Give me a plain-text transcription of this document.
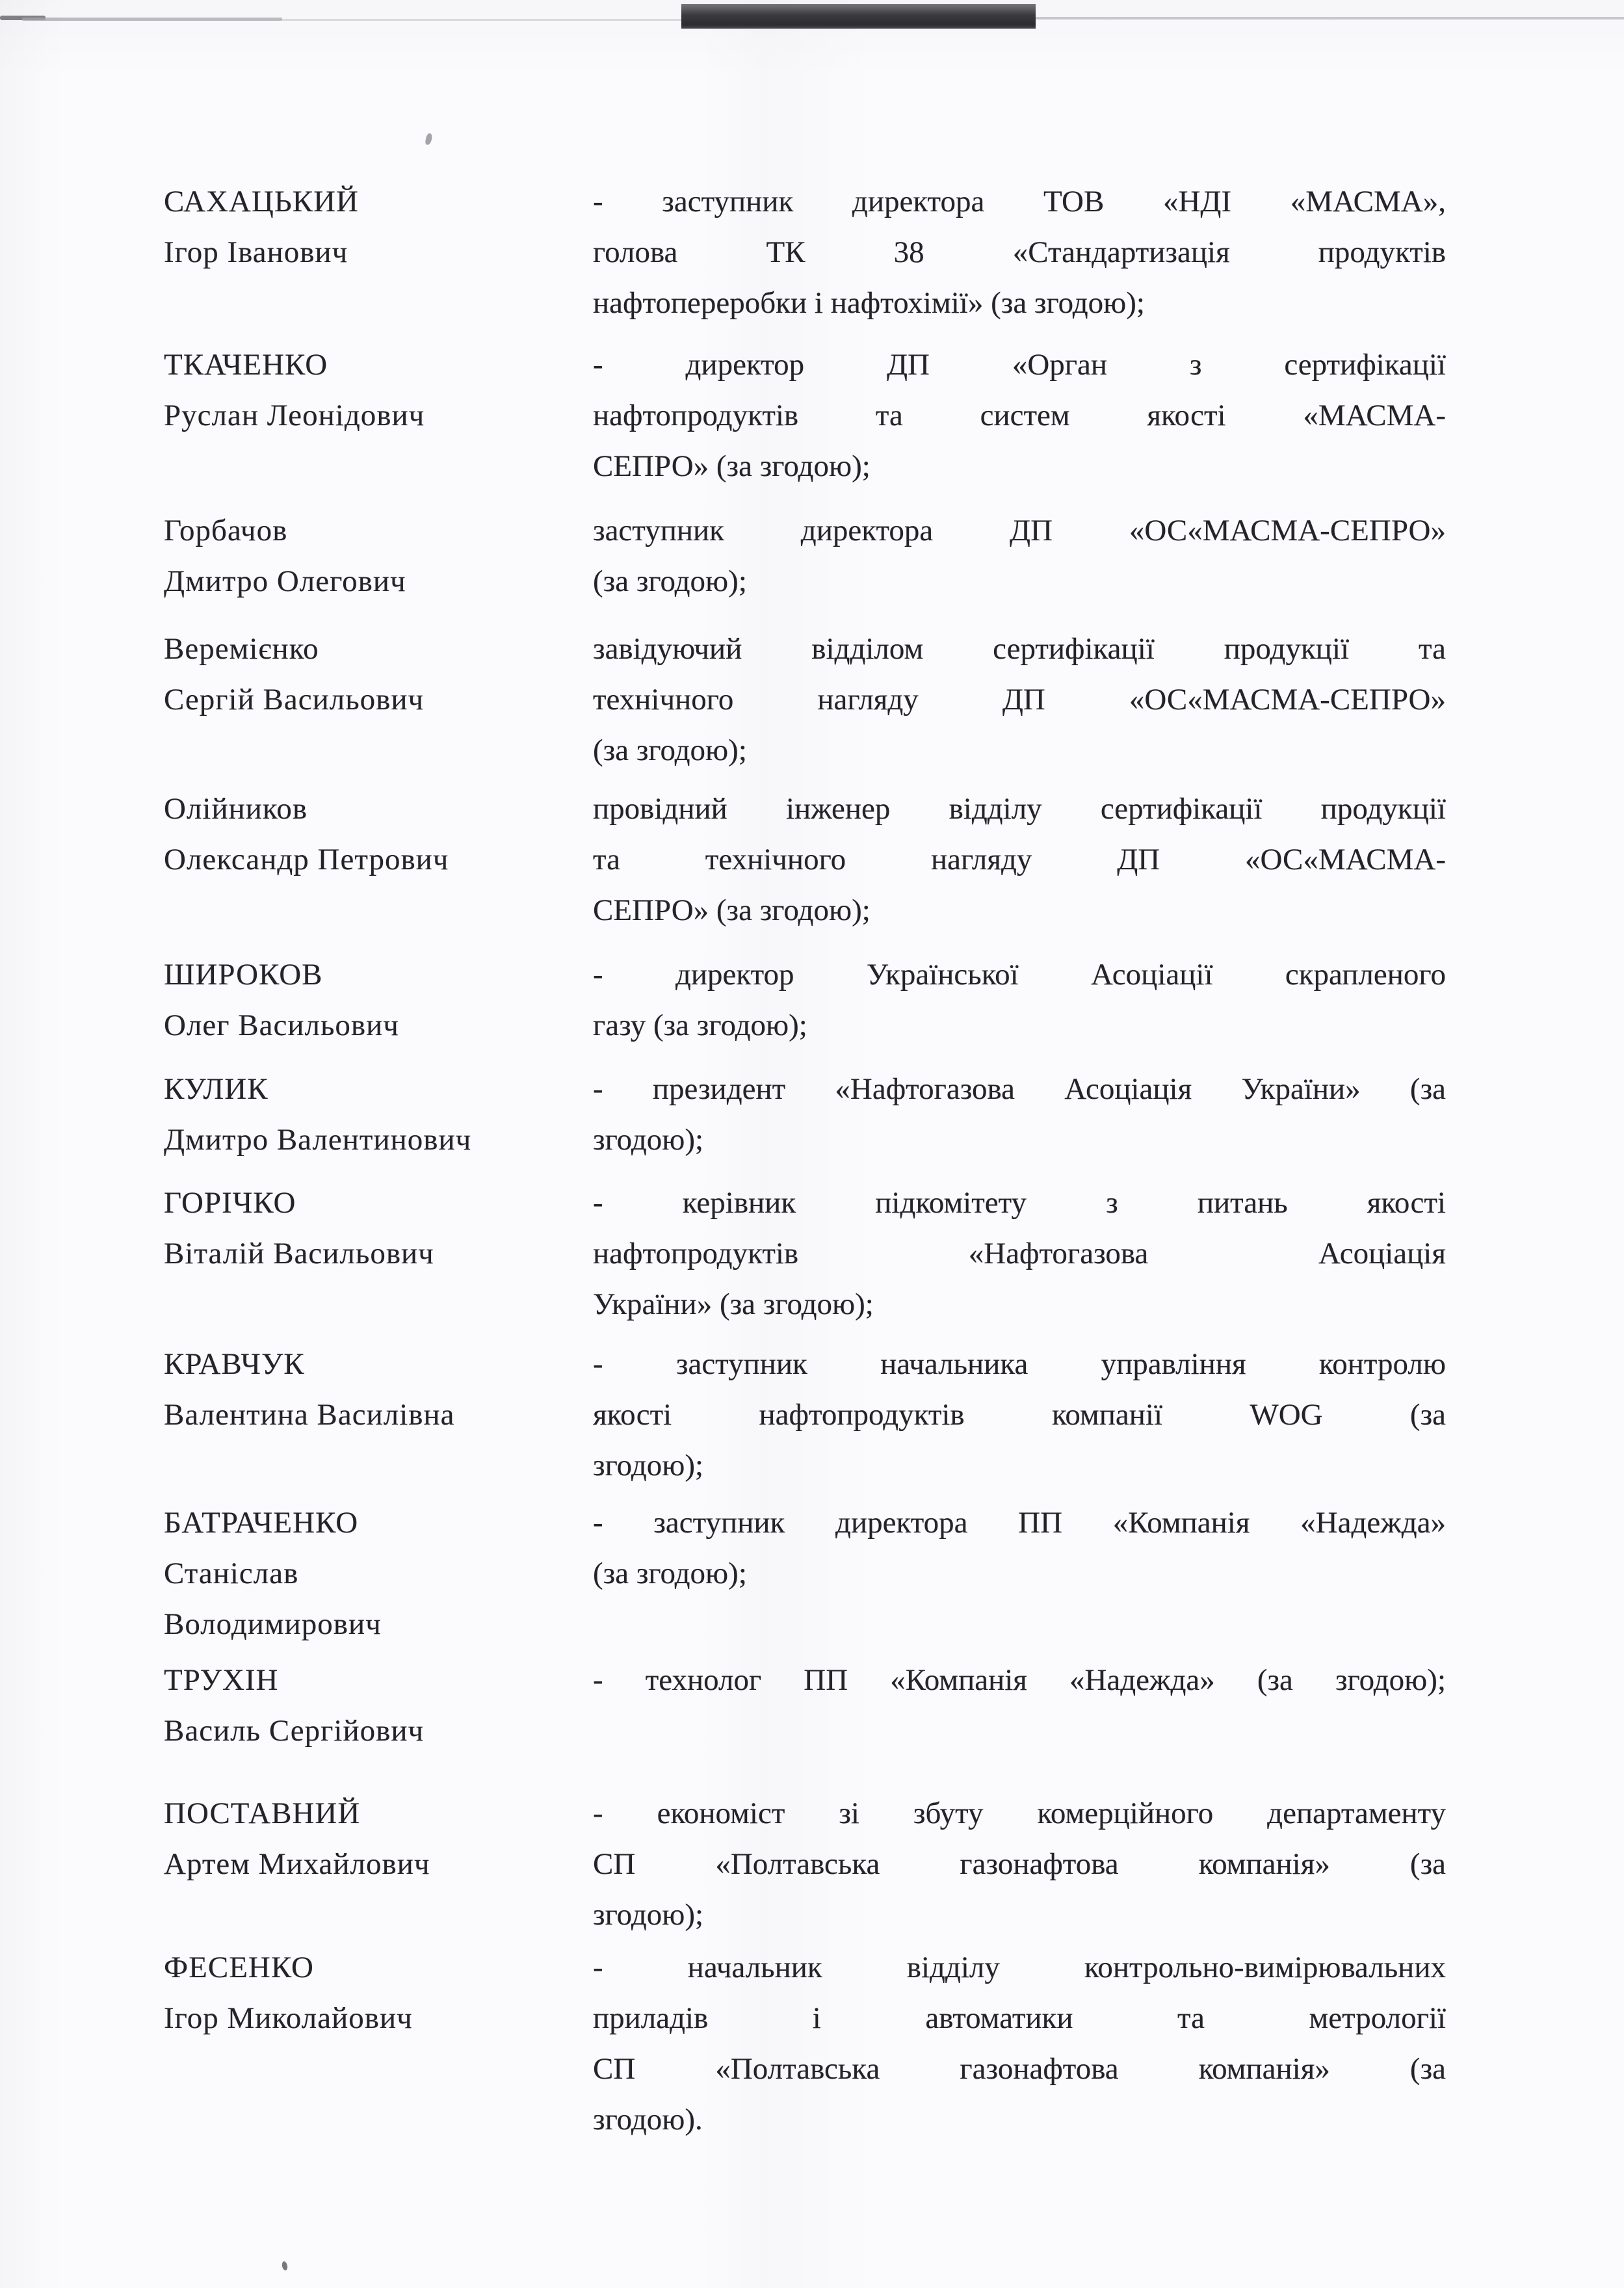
САХАЦЬКИЙ
Ігор Іванович
- заступник директора ТОВ «НДІ «МАСМА»,
голова ТК 38 «Стандартизація продуктів
нафтопереробки і нафтохімії» (за згодою);
ТКАЧЕНКО
Руслан Леонідович
- директор ДП «Орган з сертифікації
нафтопродуктів та систем якості «МАСМА-
СЕПРО» (за згодою);
Горбачов
Дмитро Олегович
заступник директора ДП «ОС«МАСМА-СЕПРО»
(за згодою);
Веремієнко
Сергій Васильович
завідуючий відділом сертифікації продукції та
технічного нагляду ДП «ОС«МАСМА-СЕПРО»
(за згодою);
Олійников
Олександр Петрович
провідний інженер відділу сертифікації продукції
та технічного нагляду ДП «ОС«МАСМА-
СЕПРО» (за згодою);
ШИРОКОВ
Олег Васильович
- директор Української Асоціації скрапленого
газу (за згодою);
КУЛИК
Дмитро Валентинович
- президент «Нафтогазова Асоціація України» (за
згодою);
ГОРІЧКО
Віталій Васильович
- керівник підкомітету з питань якості
нафтопродуктів «Нафтогазова Асоціація
України» (за згодою);
КРАВЧУК
Валентина Василівна
- заступник начальника управління контролю
якості нафтопродуктів компанії WOG (за
згодою);
БАТРАЧЕНКО
Станіслав
Володимирович
- заступник директора ПП «Компанія «Надежда»
(за згодою);
ТРУХІН
Василь Сергійович
- технолог ПП «Компанія «Надежда» (за згодою);
ПОСТАВНИЙ
Артем Михайлович
- економіст зі збуту комерційного департаменту
СП «Полтавська газонафтова компанія» (за
згодою);
ФЕСЕНКО
Ігор Миколайович
- начальник відділу контрольно-вимірювальних
приладів і автоматики та метрології
СП «Полтавська газонафтова компанія» (за
згодою).
